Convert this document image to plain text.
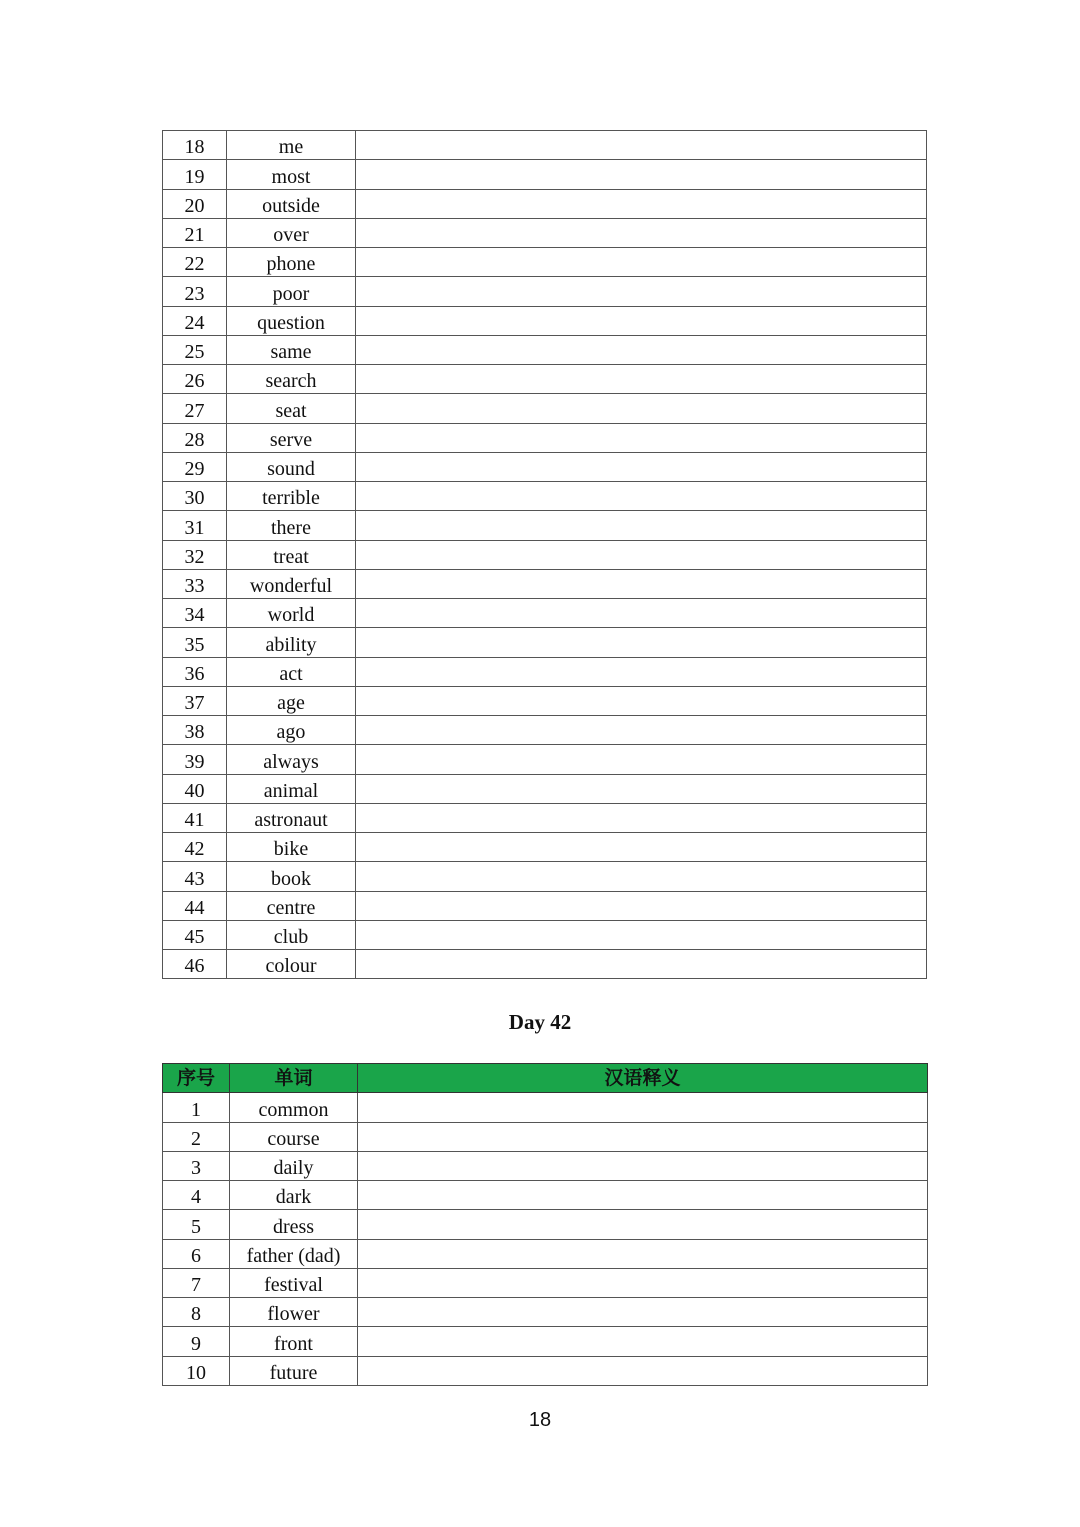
18	me	
19	most	
20	outside	
21	over	
22	phone	
23	poor	
24	question	
25	same	
26	search	
27	seat	
28	serve	
29	sound	
30	terrible	
31	there	
32	treat	
33	wonderful	
34	world	
35	ability	
36	act	
37	age	
38	ago	
39	always	
40	animal	
41	astronaut	
42	bike	
43	book	
44	centre	
45	club	
46	colour	
Day 42
序号	单词	汉语释义
1	common	
2	course	
3	daily	
4	dark	
5	dress	
6	father (dad)	
7	festival	
8	flower	
9	front	
10	future	
18
